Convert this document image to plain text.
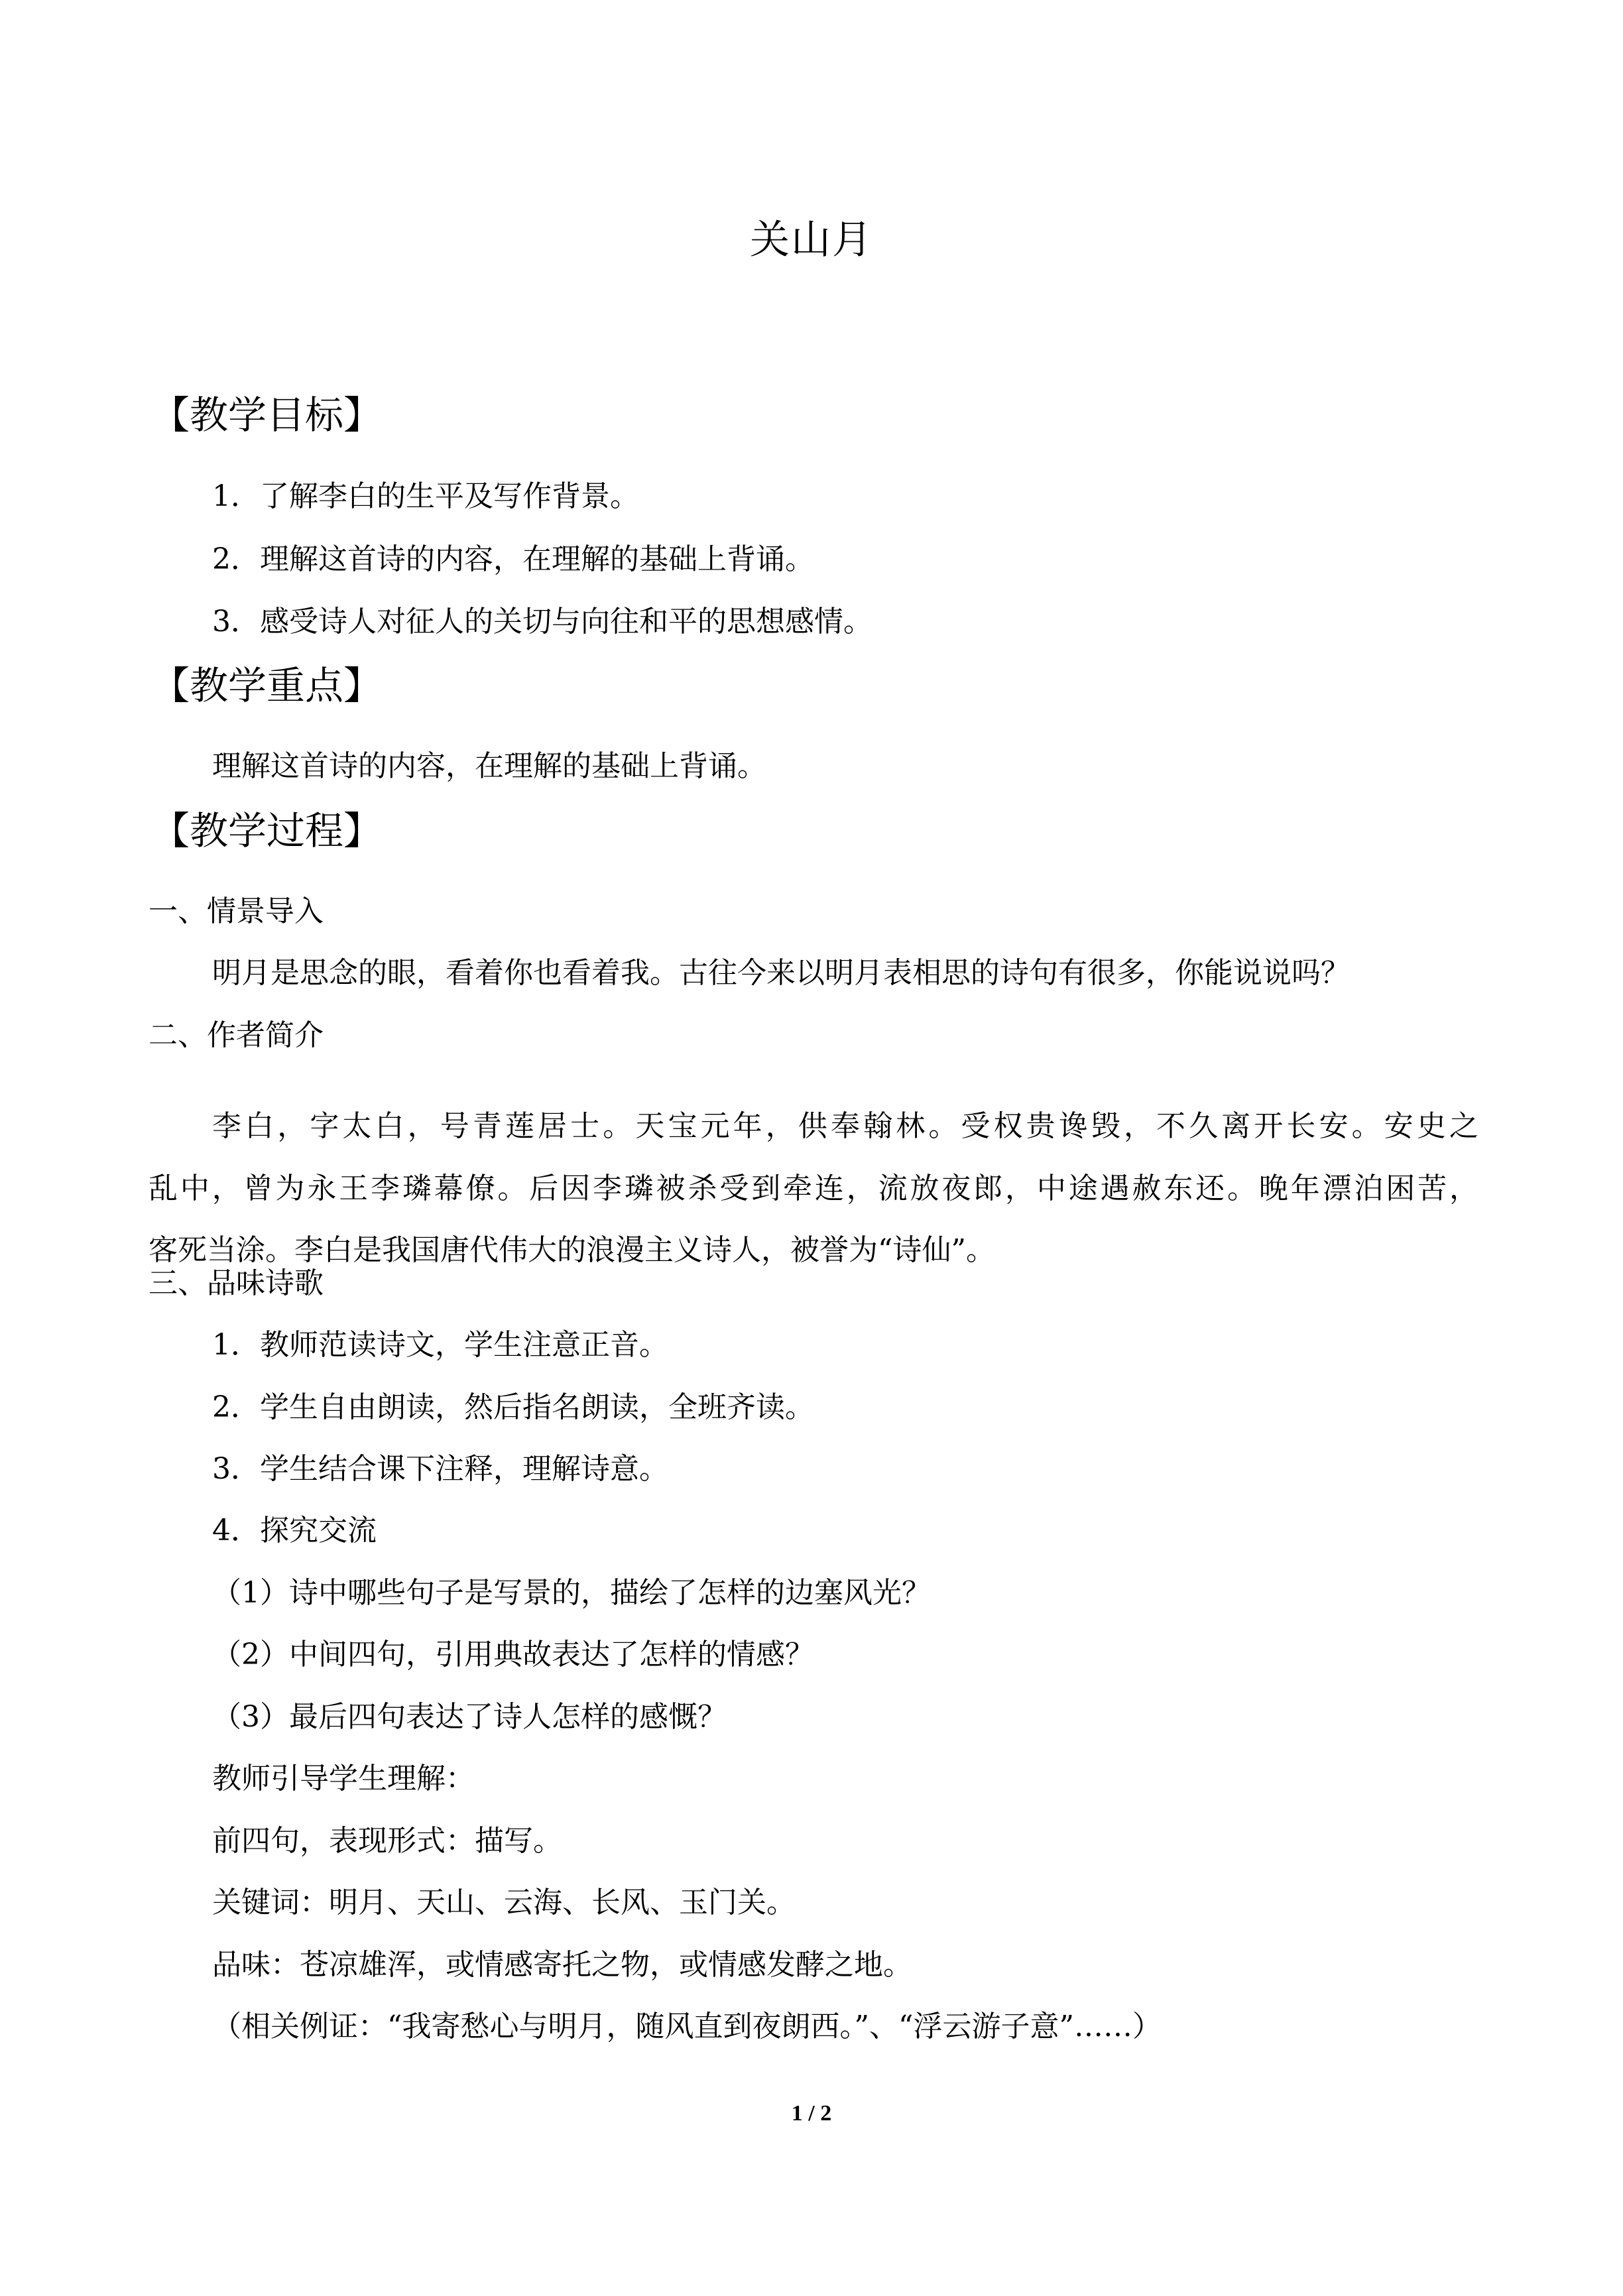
关山月
【教学目标】

1．了解李白的生平及写作背景。

2．理解这首诗的内容，在理解的基础上背诵。

3．感受诗人对征人的关切与向往和平的思想感情。

【教学重点】

理解这首诗的内容，在理解的基础上背诵。

【教学过程】

一、情景导入

明月是思念的眼，看着你也看着我。古往今来以明月表相思的诗句有很多，你能说说吗？

二、作者简介

李白，字太白，号青莲居士。天宝元年，供奉翰林。受权贵谗毁，不久离开长安。安史之

乱中，曾为永王李璘幕僚。后因李璘被杀受到牵连，流放夜郎，中途遇赦东还。晚年漂泊困苦，

客死当涂。李白是我国唐代伟大的浪漫主义诗人，被誉为“诗仙”。

三、品味诗歌

1．教师范读诗文，学生注意正音。

2．学生自由朗读，然后指名朗读，全班齐读。

3．学生结合课下注释，理解诗意。

4．探究交流

（1）诗中哪些句子是写景的，描绘了怎样的边塞风光？

（2）中间四句，引用典故表达了怎样的情感？

（3）最后四句表达了诗人怎样的感慨？

教师引导学生理解：

前四句，表现形式：描写。

关键词：明月、天山、云海、长风、玉门关。

品味：苍凉雄浑，或情感寄托之物，或情感发酵之地。

（相关例证：“我寄愁心与明月，随风直到夜朗西。”、“浮云游子意”……）

1 / 2
